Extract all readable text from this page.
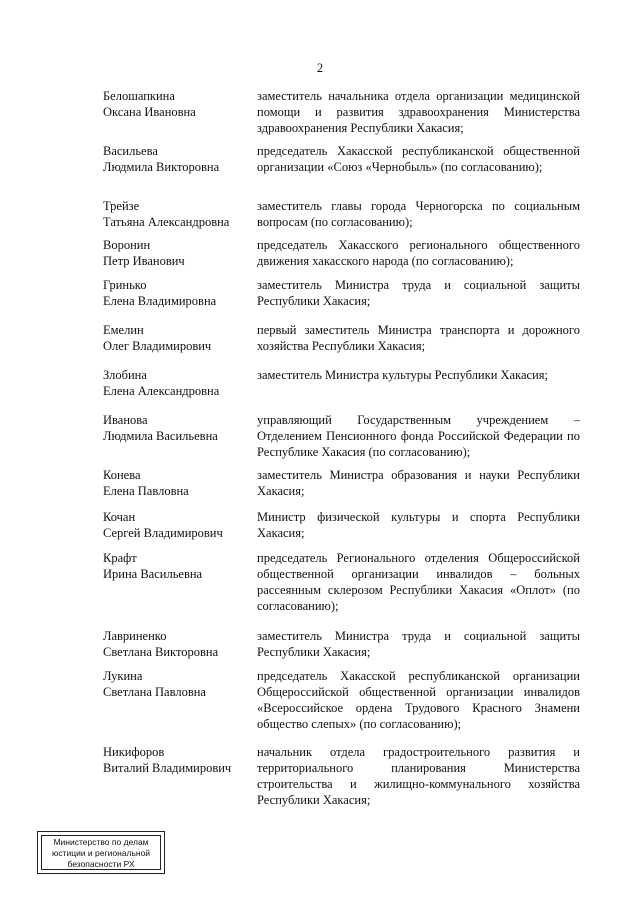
2
Белошапкина
Оксана Ивановна
заместитель начальника отдела организации медицинской помощи и развития здравоохранения Министерства здравоохранения Республики Хакасия;
Васильева
Людмила Викторовна
председатель Хакасской республиканской общественной организации «Союз «Чернобыль» (по согласованию);
Трейзе
Татьяна Александровна
заместитель главы города Черногорска по социальным вопросам (по согласованию);
Воронин
Петр Иванович
председатель Хакасского регионального общественного движения хакасского народа (по согласованию);
Гринько
Елена Владимировна
заместитель Министра труда и социальной защиты Республики Хакасия;
Емелин
Олег Владимирович
первый заместитель Министра транспорта и дорожного хозяйства Республики Хакасия;
Злобина
Елена Александровна
заместитель Министра культуры Республики Хакасия;
Иванова
Людмила Васильевна
управляющий Государственным учреждением – Отделением Пенсионного фонда Российской Федерации по Республике Хакасия (по согласованию);
Конева
Елена Павловна
заместитель Министра образования и науки Республики Хакасия;
Кочан
Сергей Владимирович
Министр физической культуры и спорта Республики Хакасия;
Крафт
Ирина Васильевна
председатель Регионального отделения Общероссийской общественной организации инвалидов – больных рассеянным склерозом Республики Хакасия «Оплот» (по согласованию);
Лавриненко
Светлана Викторовна
заместитель Министра труда и социальной защиты Республики Хакасия;
Лукина
Светлана Павловна
председатель Хакасской республиканской организации Общероссийской общественной организации инвалидов «Всероссийское ордена Трудового Красного Знамени общество слепых» (по согласованию);
Никифоров
Виталий Владимирович
начальник отдела градостроительного развития и территориального планирования Министерства строительства и жилищно-коммунального хозяйства Республики Хакасия;
Министерство по делам
юстиции и региональной
безопасности РХ
